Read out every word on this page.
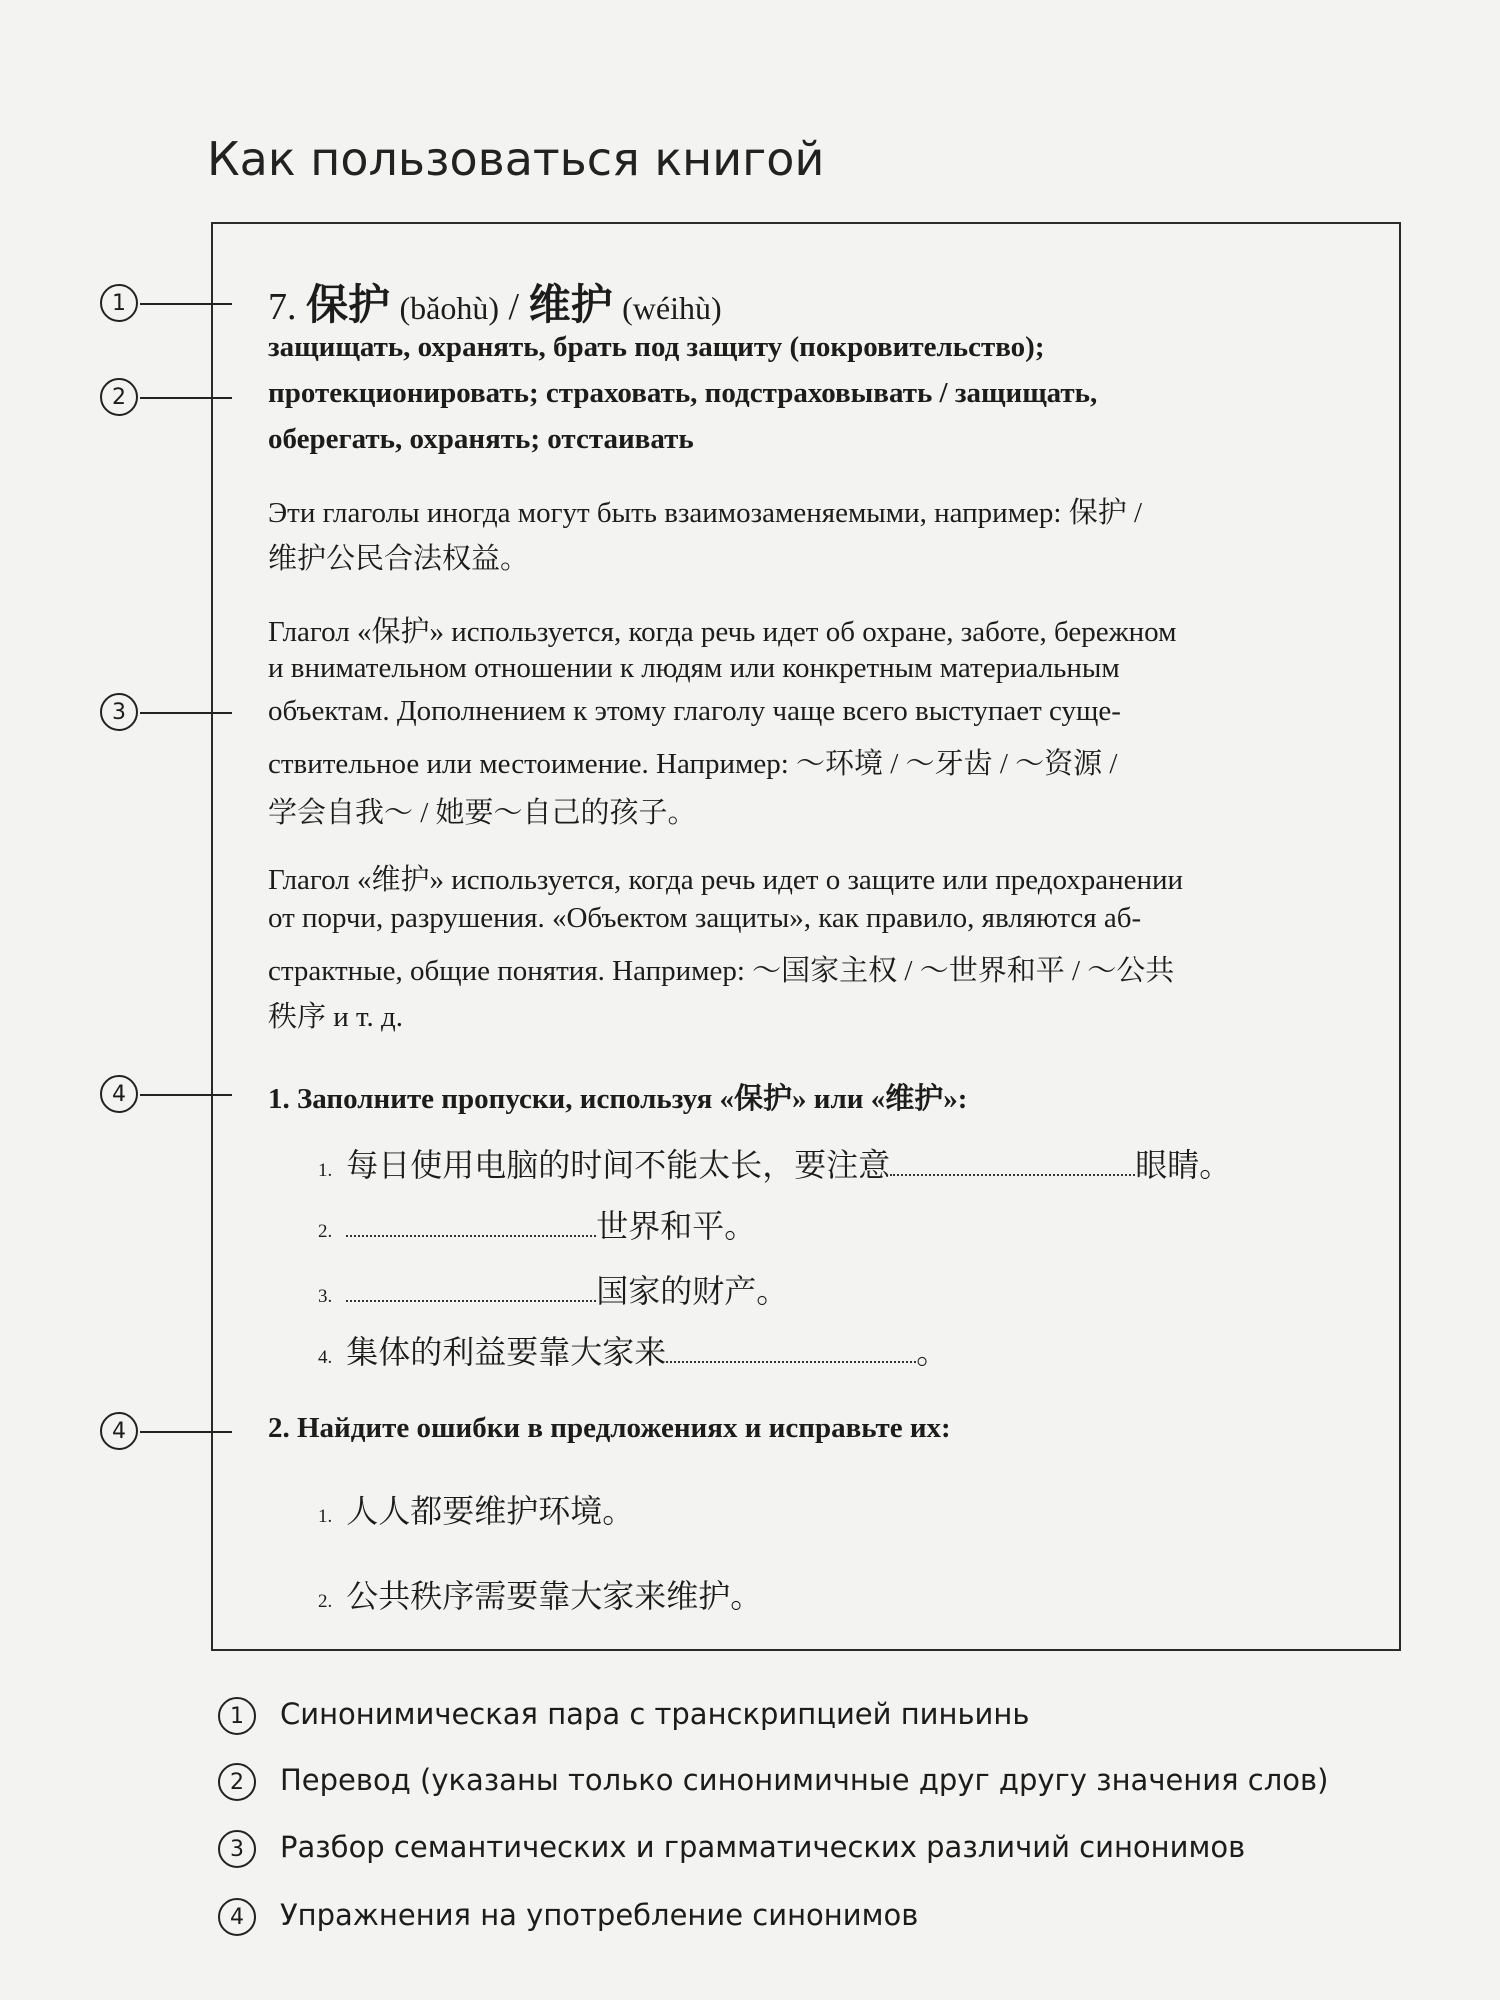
Как пользоваться книгой
1
2
3
4
4
7. 保护 (bǎohù) / 维护 (wéihù)
защищать, охранять, брать под защиту (покровительство);
протекционировать; страховать, подстраховывать / защищать,
оберегать, охранять; отстаивать
Эти глаголы иногда могут быть взаимозаменяемыми, например: 保护 /
维护公民合法权益。
Глагол «保护» используется, когда речь идет об охране, заботе, бережном
и внимательном отношении к людям или конкретным материальным
объектам. Дополнением к этому глаголу чаще всего выступает суще-
ствительное или местоимение. Например: ～环境 / ～牙齿 / ～资源 /
学会自我～ / 她要～自己的孩子。
Глагол «维护» используется, когда речь идет о защите или предохранении
от порчи, разрушения. «Объектом защиты», как правило, являются аб-
страктные, общие понятия. Например: ～国家主权 / ～世界和平 / ～公共
秩序 и т. д.
1. Заполните пропуски, используя «保护» или «维护»:
1. 每日使用电脑的时间不能太长，要注意	眼睛。
2.	世界和平。
3.	国家的财产。
4. 集体的利益要靠大家来	。
2. Найдите ошибки в предложениях и исправьте их:
1. 人人都要维护环境。
2. 公共秩序需要靠大家来维护。
1	Синонимическая пара с транскрипцией пиньинь
2	Перевод (указаны только синонимичные друг другу значения слов)
3	Разбор семантических и грамматических различий синонимов
4	Упражнения на употребление синонимов
